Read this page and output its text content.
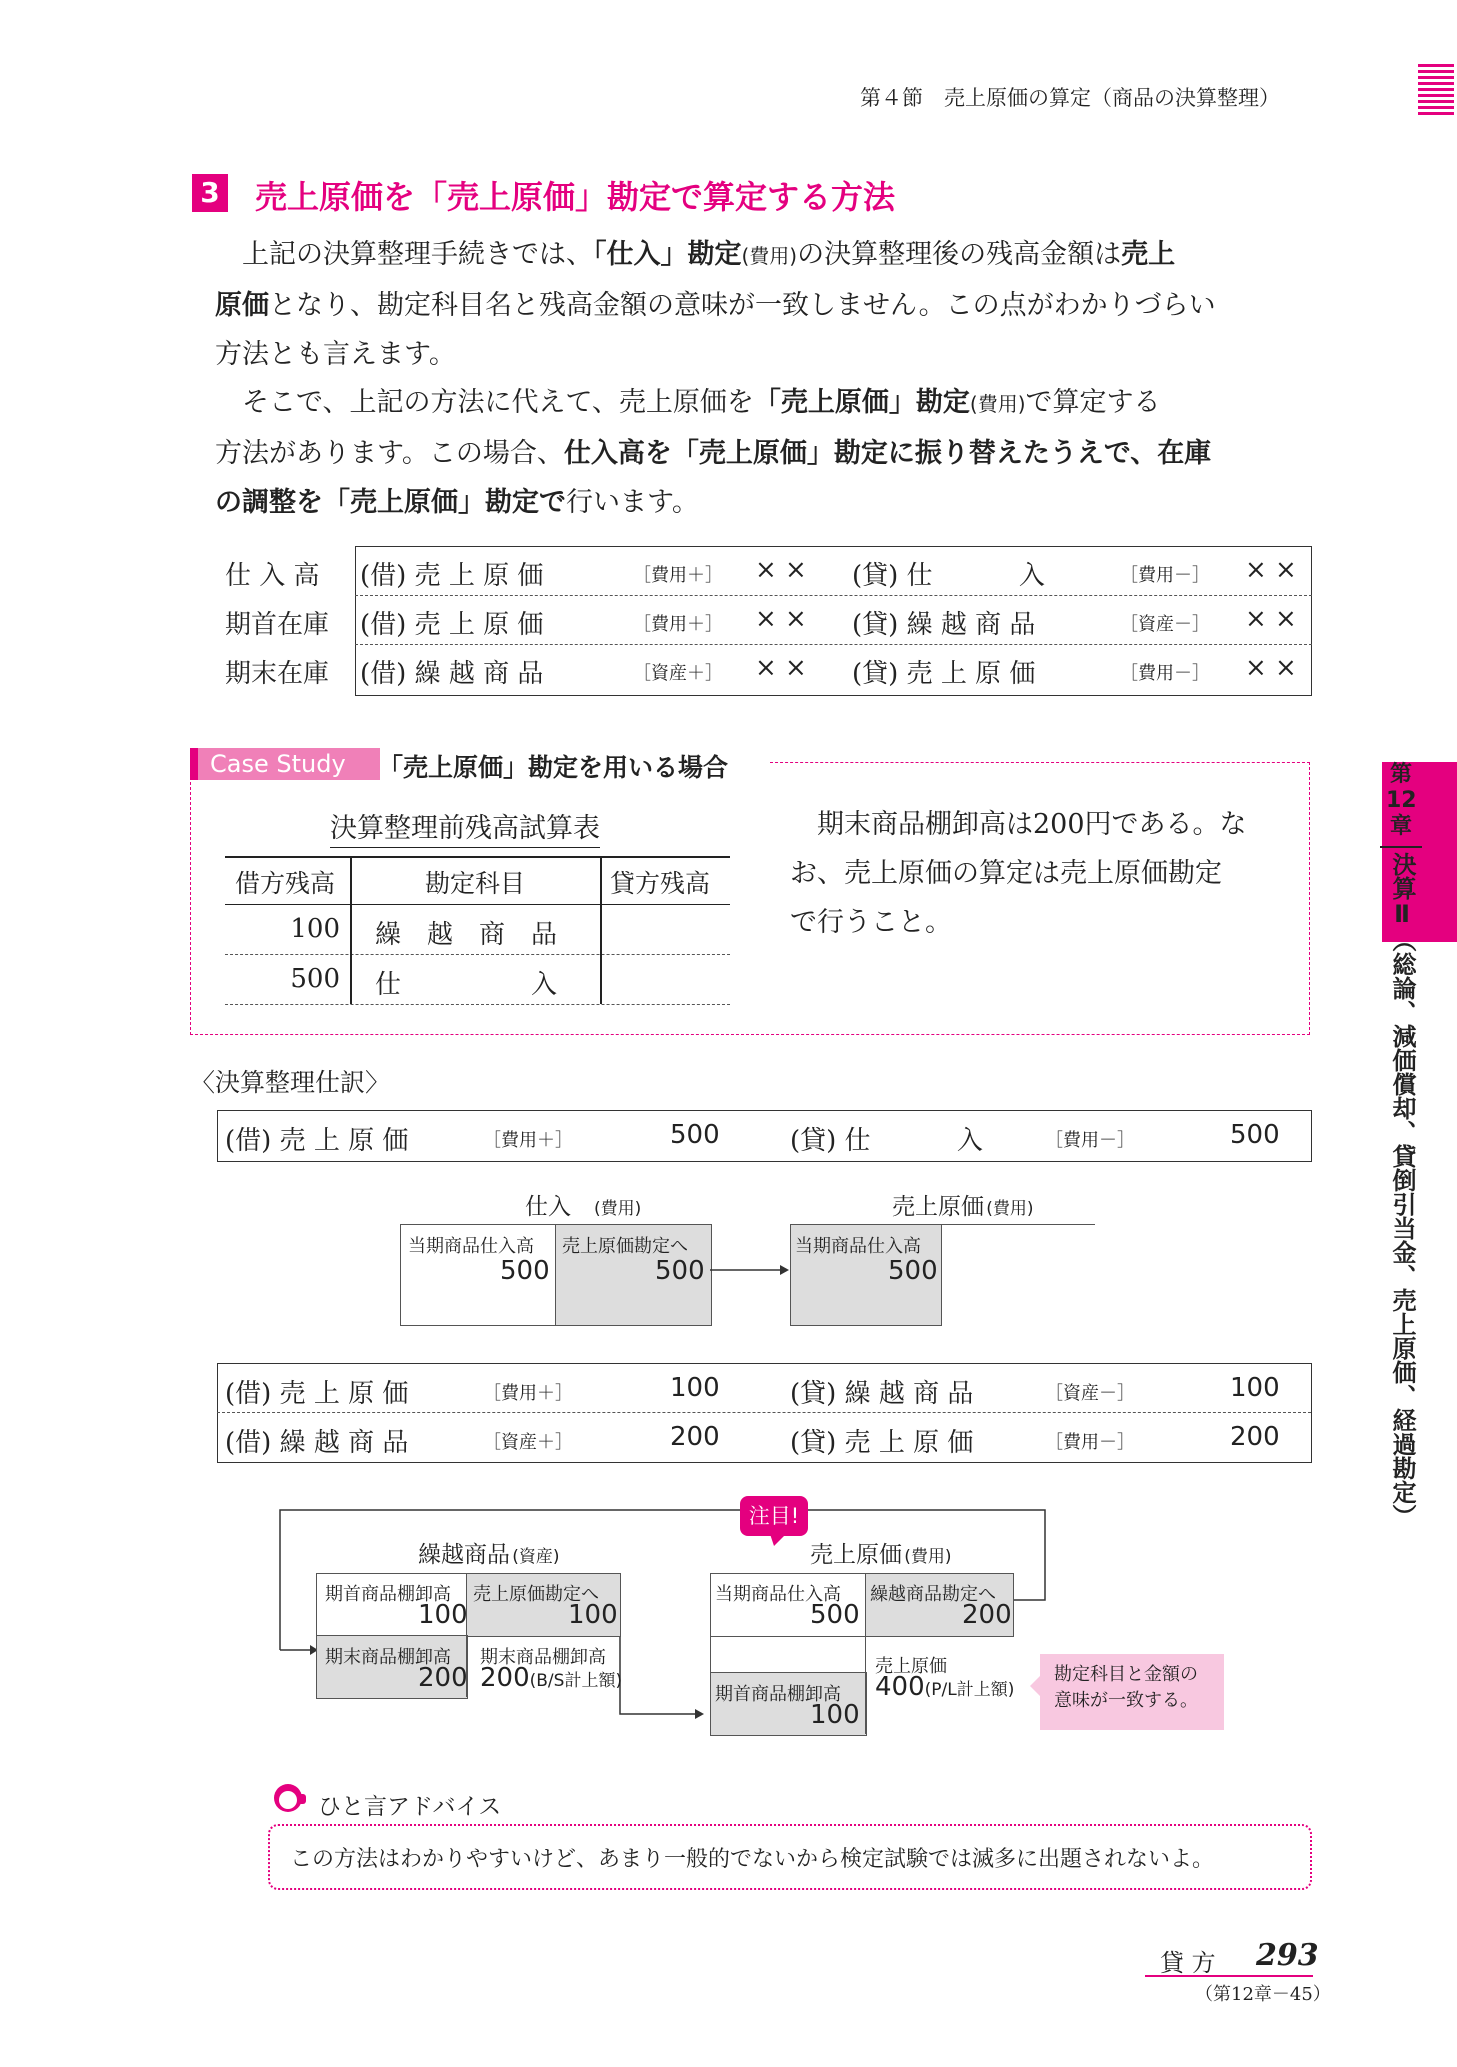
第４節　売上原価の算定（商品の決算整理）
第
12
章
決算Ⅱ（総論、減価償却、貸倒引当金、売上原価、経過勘定）
3 売上原価を「売上原価」勘定で算定する方法
　上記の決算整理手続きでは、「仕入」勘定(費用)の決算整理後の残高金額は売上
原価となり、勘定科目名と残高金額の意味が一致しません。この点がわかりづらい
方法とも言えます。
　そこで、上記の方法に代えて、売上原価を「売上原価」勘定(費用)で算定する
方法があります。この場合、仕入高を「売上原価」勘定に振り替えたうえで、在庫
の調整を「売上原価」勘定で行います。
仕 入 高 (借) 売 上 原 価	［費用＋］ × × (貸) 仕　　　 入	［費用－］ × ×
期首在庫 (借) 売 上 原 価	［費用＋］ × × (貸) 繰 越 商 品	［資産－］ × ×
期末在庫 (借) 繰 越 商 品	［資産＋］ × × (貸) 売 上 原 価	［費用－］ × ×
Case Study	「売上原価」勘定を用いる場合
決算整理前残高試算表
借方残高	勘定科目	貸方残高
100 繰　越　商　品
500 仕　　　　　入
　期末商品棚卸高は200円である。な
お、売上原価の算定は売上原価勘定
で行うこと。
〈決算整理仕訳〉
(借) 売 上 原 価	［費用＋］	500	(貸) 仕　　　 入	［費用－］	500
仕入　 (費用)
当期商品仕入高
500
売上原価勘定へ
500
売上原価  (費用)
当期商品仕入高
500
(借) 売 上 原 価	［費用＋］	100	(貸) 繰 越 商 品	［資産－］	100
(借) 繰 越 商 品	［資産＋］	200	(貸) 売 上 原 価	［費用－］	200
繰越商品  (資産)
期首商品棚卸高
100
売上原価勘定へ
100
期末商品棚卸高
200
期末商品棚卸高
200(B/S計上額)
注目!
売上原価  (費用)
当期商品仕入高
500
繰越商品勘定へ
200
期首商品棚卸高
100
売上原価
400(P/L計上額)
勘定科目と金額の
意味が一致する。
ひと言アドバイス
この方法はわかりやすいけど、あまり一般的でないから検定試験では滅多に出題されないよ。
貸 方 293
（第12章－45）
